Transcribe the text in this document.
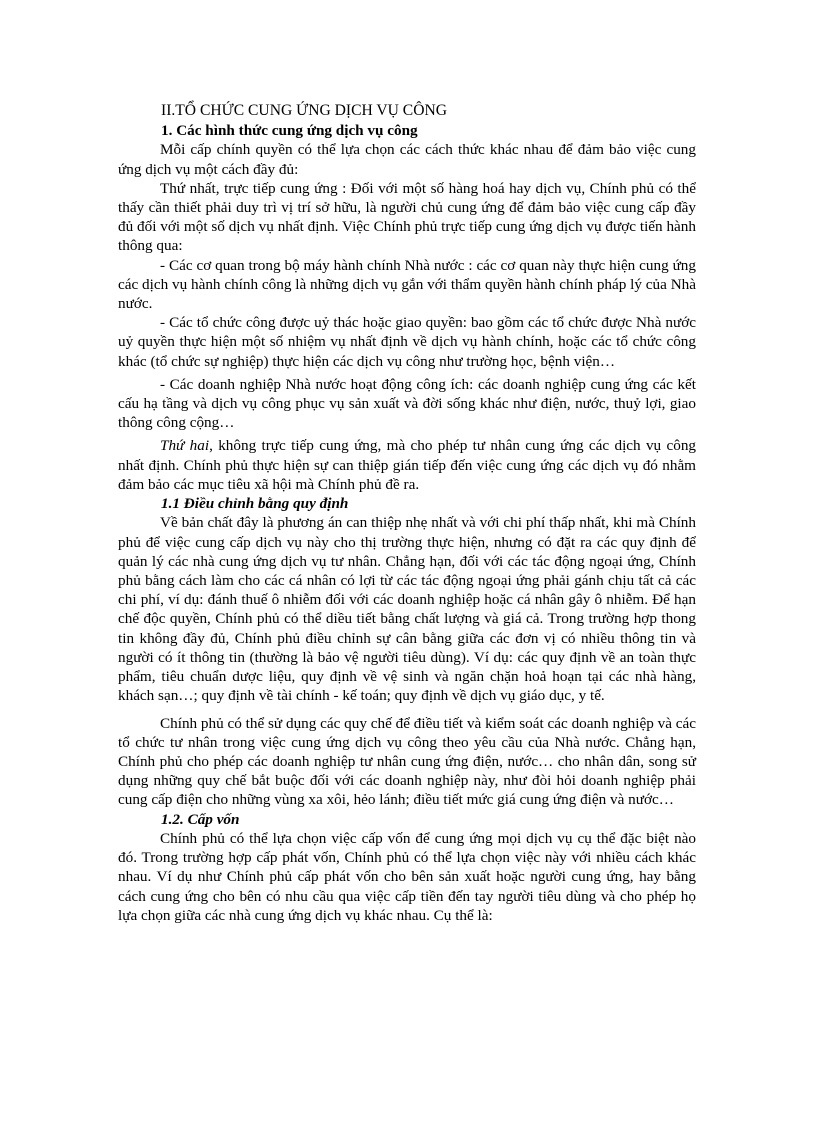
II.TỔ CHỨC CUNG ỨNG DỊCH VỤ CÔNG
1. Các hình thức cung ứng dịch vụ công

Mỗi cấp chính quyền có thể lựa chọn các cách thức khác nhau để đảm bảo việc cung ứng dịch vụ một cách đầy đủ:

Thứ nhất, trực tiếp cung ứng : Đối với một số hàng hoá hay dịch vụ, Chính phủ có thể thấy cần thiết phải duy trì vị trí sở hữu, là người chủ cung ứng để đảm bảo việc cung cấp đầy đủ đối với một số dịch vụ nhất định. Việc Chính phủ trực tiếp cung ứng dịch vụ được tiến hành thông qua:

- Các cơ quan trong bộ máy hành chính Nhà nước : các cơ quan này thực hiện cung ứng các dịch vụ hành chính công là những dịch vụ gắn với thẩm quyền hành chính pháp lý của Nhà nước.

- Các tổ chức công được uỷ thác hoặc giao quyền: bao gồm các tổ chức được Nhà nước uỷ quyền thực hiện một số nhiệm vụ nhất định về dịch vụ hành chính, hoặc các tổ chức công khác (tổ chức sự nghiệp) thực hiện các dịch vụ công như trường học, bệnh viện…

- Các doanh nghiệp Nhà nước hoạt động công ích: các doanh nghiệp cung ứng các kết cấu hạ tầng và dịch vụ công phục vụ sản xuất và đời sống khác như điện, nước, thuỷ lợi, giao thông công cộng…

Thứ hai, không trực tiếp cung ứng, mà cho phép tư nhân cung ứng các dịch vụ công nhất định. Chính phủ thực hiện sự can thiệp gián tiếp đến việc cung ứng các dịch vụ đó nhằm đảm bảo các mục tiêu xã hội mà Chính phủ đề ra.

1.1 Điều chỉnh bằng quy định

Về bản chất đây là phương án can thiệp nhẹ nhất và với chi phí thấp nhất, khi mà Chính phủ để việc cung cấp dịch vụ này cho thị trường thực hiện, nhưng có đặt ra các quy định để quản lý các nhà cung ứng dịch vụ tư nhân. Chẳng hạn, đối với các tác động ngoại ứng, Chính phủ bằng cách làm cho các cá nhân có lợi từ các tác động ngoại ứng phải gánh chịu tất cả các chi phí, ví dụ: đánh thuế ô nhiễm đối với các doanh nghiệp hoặc cá nhân gây ô nhiễm. Để hạn chế độc quyền, Chính phủ có thể diều tiết bằng chất lượng và giá cả. Trong trường hợp thong tin không đầy đủ, Chính phủ điều chỉnh sự cân bằng giữa các đơn vị có nhiều thông tin và người có ít thông tin (thường là bảo vệ người tiêu dùng). Ví dụ: các quy định về an toàn thực phẩm, tiêu chuẩn dược liệu, quy định về vệ sinh và ngăn chặn hoả hoạn tại các nhà hàng, khách sạn…; quy định về tài chính - kế toán; quy định về dịch vụ giáo dục, y tế.

Chính phủ có thể sử dụng các quy chế để điều tiết và kiểm soát các doanh nghiệp và các tổ chức tư nhân trong việc cung ứng dịch vụ công theo yêu cầu của Nhà nước. Chẳng hạn, Chính phủ cho phép các doanh nghiệp tư nhân cung ứng điện, nước… cho nhân dân, song sử dụng những quy chế bắt buộc đối với các doanh nghiệp này, như đòi hỏi doanh nghiệp phải cung cấp điện cho những vùng xa xôi, hẻo lánh; điều tiết mức giá cung ứng điện và nước…

1.2. Cấp vốn

Chính phủ có thể lựa chọn việc cấp vốn để cung ứng mọi dịch vụ cụ thể đặc biệt nào đó. Trong trường hợp cấp phát vốn, Chính phủ có thể lựa chọn việc này với nhiều cách khác nhau. Ví dụ như Chính phủ cấp phát vốn cho bên sản xuất hoặc người cung ứng, hay bằng cách cung ứng cho bên có nhu cầu qua việc cấp tiền đến tay người tiêu dùng và cho phép họ lựa chọn giữa các nhà cung ứng dịch vụ khác nhau. Cụ thể là:
